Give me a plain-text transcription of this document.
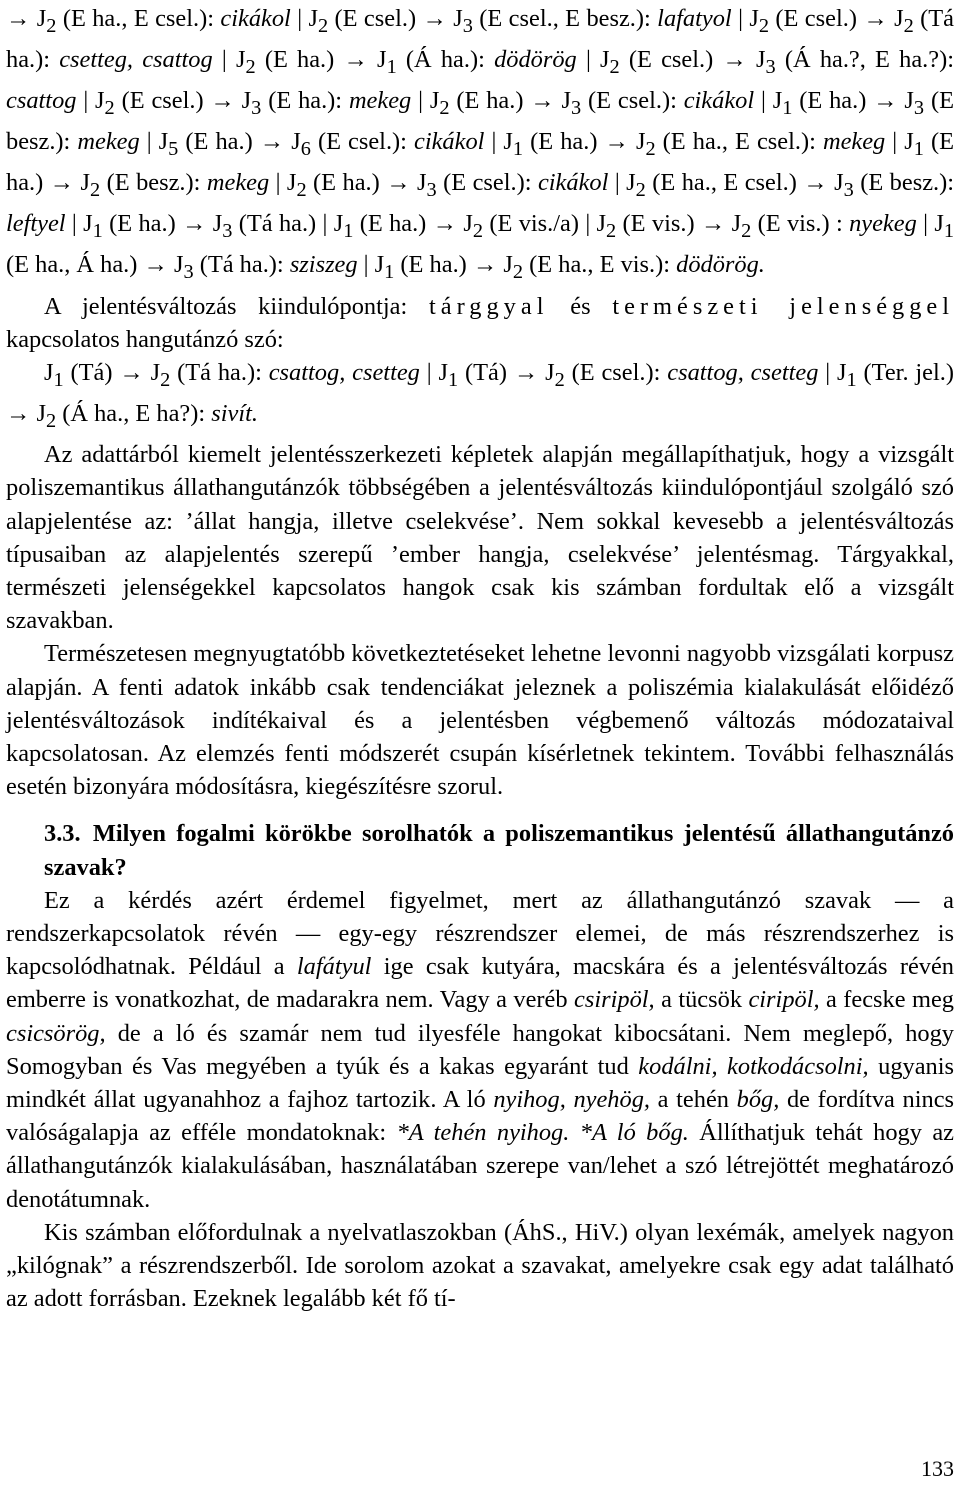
→ $J_2$ (E ha., E csel.): cikákol | $J_2$ (E csel.) → $J_3$ (E csel., E besz.): lafatyol | $J_2$ (E csel.) → $J_2$ (Tá ha.): csetteg, csattog | $J_2$ (E $ha.) \to J_1$ (Á ha.): dödörög | $J_2$ (E csel.) → $J_3$ (Á ha.?, E ha.?): csattog | $J_2$ (E csel.) → $J_3$ (E ha.): mekeg | $J_2$ (E $ha.) \to J_3$ (E csel.): cikákol | $J_1$ (E $ha.) \to J_3$ (E besz.): mekeg | $J_5$ (E $ha.) \to J_6$ (E csel.): cikákol | $J_1$ (E $ha.) \to J_2$ (E ha., E csel.): mekeg | $J_1$ (E $ha.) \to J_2$ (E besz.): mekeg | $J_2$ (E $ha.) \to J_3$ (E csel.): cikákol | $J_2$ (E ha., E csel.) → $J_3$ (E besz.): leftyel | $J_1$ (E $ha.) \to J_3$ (Tá ha.) | $J_1$ (E $ha.) \to J_2$ (E vis./a) | $J_2$ (E $vis.) \to J_2$ (E vis.) : nyekeg | $J_1$ (E ha., Á $ha.) \to J_3$ (Tá ha.): sziszeg | $J_1$ (E $ha.) \to J_2$ (E ha., E vis.): dödörög.

A jelentésváltozás kiindulópontja: tárggyal és természeti jelenséggel kapcsolatos hangutánzó szó:

$J_1$ (Tá) → $J_2$ (Tá ha.): csattog, csetteg | $J_1$ (Tá) → $J_2$ (E csel.): csattog, csetteg | $J_1$ (Ter. $jel.) \to J_2$ (Á ha., E ha?): sivít.

Az adattárból kiemelt jelentésszerkezeti képletek alapján megállapíthatjuk, hogy a vizsgált poliszemantikus állathangutánzók többségében a jelentésváltozás kiindulópontjául szolgáló szó alapjelentése az: ’állat hangja, illetve cselekvése’. Nem sokkal kevesebb a jelentésváltozás típusaiban az alapjelentés szerepű ’ember hangja, cselekvése’ jelentésmag. Tárgyakkal, természeti jelenségekkel kapcsolatos hangok csak kis számban fordultak elő a vizsgált szavakban.

Természetesen megnyugtatóbb következtetéseket lehetne levonni nagyobb vizsgálati korpusz alapján. A fenti adatok inkább csak tendenciákat jeleznek a poliszémia kialakulását előidéző jelentésváltozások indítékaival és a jelentésben végbemenő változás módozataival kapcsolatosan. Az elemzés fenti módszerét csupán kísérletnek tekintem. További felhasználás esetén bizonyára módosításra, kiegészítésre szorul.

3.3. Milyen fogalmi körökbe sorolhatók a poliszemantikus jelentésű állathangutánzó szavak?

Ez a kérdés azért érdemel figyelmet, mert az állathangutánzó szavak — a rendszerkapcsolatok révén — egy-egy részrendszer elemei, de más részrendszerhez is kapcsolódhatnak. Például a lafátyul ige csak kutyára, macskára és a jelentésváltozás révén emberre is vonatkozhat, de madarakra nem. Vagy a veréb csiripöl, a tücsök ciripöl, a fecske meg csicsörög, de a ló és szamár nem tud ilyesféle hangokat kibocsátani. Nem meglepő, hogy Somogyban és Vas megyében a tyúk és a kakas egyaránt tud kodálni, kotkodácsolni, ugyanis mindkét állat ugyanahhoz a fajhoz tartozik. A ló nyihog, nyehög, a tehén bőg, de fordítva nincs valóságalapja az efféle mondatoknak: *A tehén nyihog. *A ló bőg. Állíthatjuk tehát hogy az állathangutánzók kialakulásában, használatában szerepe van/lehet a szó létrejöttét meghatározó denotátumnak.

Kis számban előfordulnak a nyelvatlaszokban (ÁhS., HiV.) olyan lexémák, amelyek nagyon „kilógnak” a részrendszerből. Ide sorolom azokat a szavakat, amelyekre csak egy adat található az adott forrásban. Ezeknek legalább két fő tí-

133
